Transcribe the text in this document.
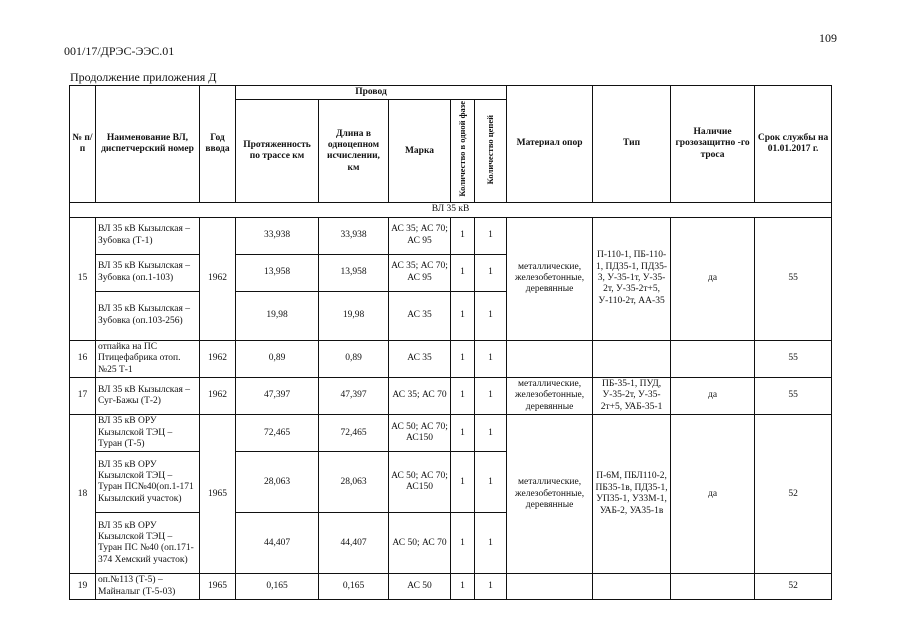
109
001/17/ДРЭС-ЭЭС.01
Продолжение приложения Д
№ п/п	Наименование ВЛ, диспетчерский номер	Год ввода	Провод					Материал опор	Тип	Наличие грозозащитно -го троса	Срок службы на 01.01.2017 г.
			Протяженность по трассе км	Длина в одноцепном исчислении, км	Марка	Количество в одной фазе	Количество цепей				
ВЛ 35 кВ											
15	ВЛ 35 кВ Кызылская – Зубовка (Т-1)	1962	33,938	33,938	АС 35; АС 70; АС 95	1	1	металлические, железобетонные, деревянные	П-110-1, ПБ-110-1, ПД35-1, ПД35-3, У-35-1т, У-35-2т, У-35-2т+5, У-110-2т, АА-35	да	55
	ВЛ 35 кВ Кызылская – Зубовка (оп.1-103)		13,958	13,958	АС 35; АС 70; АС 95	1	1				
	ВЛ 35 кВ Кызылская – Зубовка (оп.103-256)		19,98	19,98	АС 35	1	1				
16	отпайка на ПС Птицефабрика отоп.№25 Т-1	1962	0,89	0,89	АС 35	1	1				55
17	ВЛ 35 кВ Кызылская – Суг-Бажы (Т-2)	1962	47,397	47,397	АС 35; АС 70	1	1	металлические, железобетонные, деревянные	ПБ-35-1, ПУД, У-35-2т, У-35-2т+5, УАБ-35-1	да	55
18	ВЛ 35 кВ ОРУ Кызылской ТЭЦ – Туран (Т-5)	1965	72,465	72,465	АС 50; АС 70; АС150	1	1	металлические, железобетонные, деревянные	П-6М, ПБЛ110-2, ПБ35-1в, ПД35-1, УП35-1, У33М-1, УАБ-2, УА35-1в	да	52
	ВЛ 35 кВ ОРУ Кызылской ТЭЦ – Туран ПС№40(оп.1-171 Кызылский участок)		28,063	28,063	АС 50; АС 70; АС150	1	1				
	ВЛ 35 кВ ОРУ Кызылской ТЭЦ – Туран ПС №40 (оп.171-374 Хемский участок)		44,407	44,407	АС 50; АС 70	1	1				
19	оп.№113 (Т-5) – Майналыг (Т-5-03)	1965	0,165	0,165	АС 50	1	1				52
